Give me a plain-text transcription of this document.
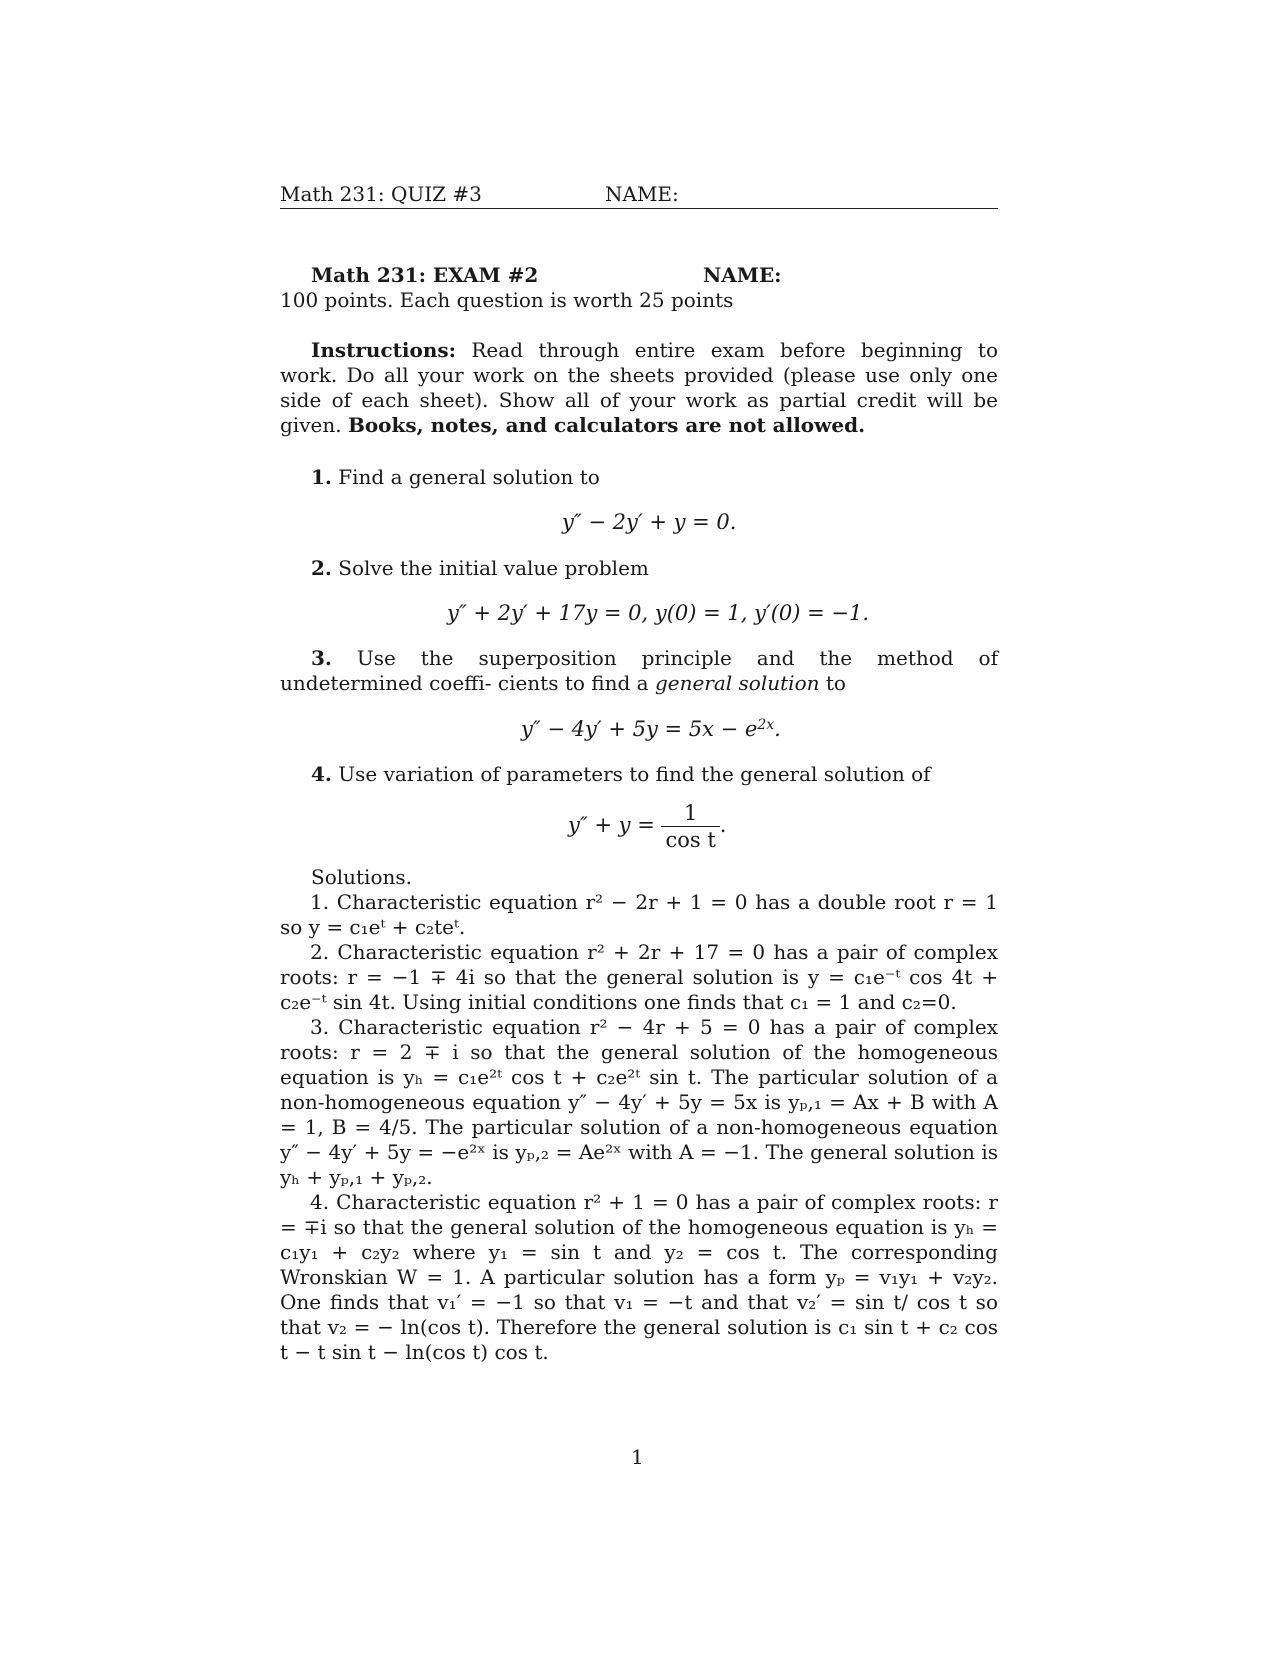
Math 231: QUIZ #3	NAME:
Math 231: EXAM #2	NAME:
100 points. Each question is worth 25 points
Instructions: Read through entire exam before beginning to work. Do all your work on the sheets provided (please use only one side of each sheet). Show all of your work as partial credit will be given. Books, notes, and calculators are not allowed.
1. Find a general solution to
y″ − 2y′ + y = 0.
2. Solve the initial value problem
y″ + 2y′ + 17y = 0, y(0) = 1, y′(0) = −1.
3. Use the superposition principle and the method of undetermined coeffi- cients to find a general solution to
$y'' - 4y' + 5y = 5x - e^{2x}$.
4. Use variation of parameters to find the general solution of
$y'' + y = \frac{1}{\text{cos t}}$ .

Solutions.

1. Characteristic equation r² − 2r + 1 = 0 has a double root r = 1 so y = c₁eᵗ + c₂teᵗ.

2. Characteristic equation r² + 2r + 17 = 0 has a pair of complex roots: r = −1 ∓ 4i so that the general solution is y = c₁e⁻ᵗ cos 4t + c₂e⁻ᵗ sin 4t. Using initial conditions one finds that c₁ = 1 and c₂=0.

3. Characteristic equation r² − 4r + 5 = 0 has a pair of complex roots: r = 2 ∓ i so that the general solution of the homogeneous equation is yₕ = c₁e²ᵗ cos t + c₂e²ᵗ sin t. The particular solution of a non-homogeneous equation y″ − 4y′ + 5y = 5x is yₚ,₁ = Ax + B with A = 1, B = 4/5. The particular solution of a non-homogeneous equation y″ − 4y′ + 5y = −e²ˣ is yₚ,₂ = Ae²ˣ with A = −1. The general solution is yₕ + yₚ,₁ + yₚ,₂.

4. Characteristic equation r² + 1 = 0 has a pair of complex roots: r = ∓i so that the general solution of the homogeneous equation is yₕ = c₁y₁ + c₂y₂ where y₁ = sin t and y₂ = cos t. The corresponding Wronskian W = 1. A particular solution has a form yₚ = v₁y₁ + v₂y₂. One finds that v₁′ = −1 so that v₁ = −t and that v₂′ = sin t/ cos t so that v₂ = − ln(cos t). Therefore the general solution is c₁ sin t + c₂ cos t − t sin t − ln(cos t) cos t.

1
